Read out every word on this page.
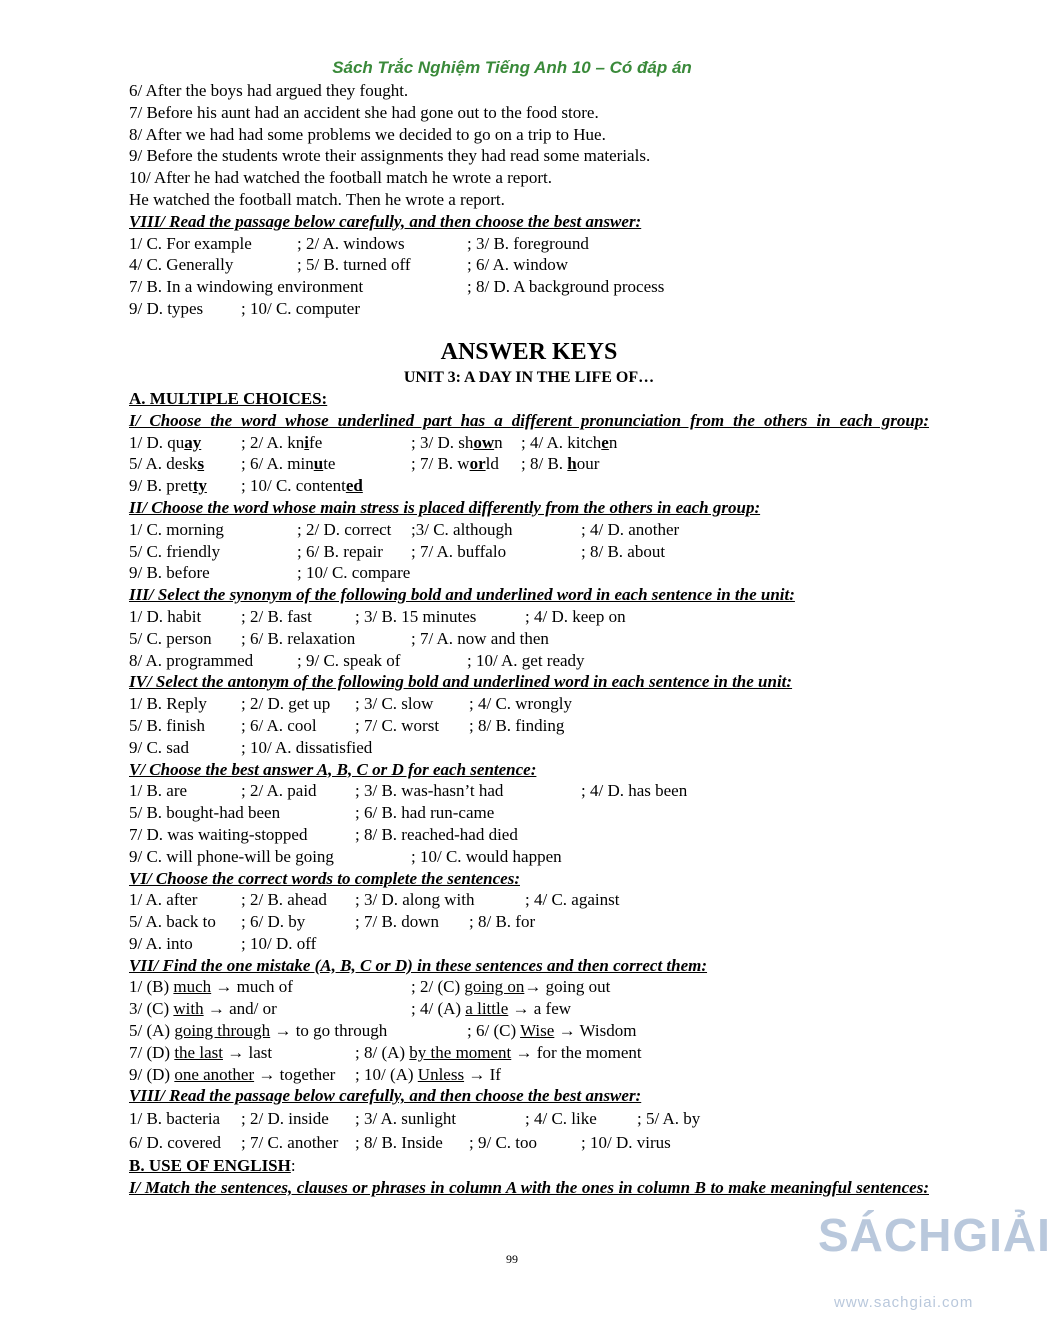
Sách Trắc Nghiệm Tiếng Anh 10 – Có đáp án
6/ After the boys had argued they fought.
7/ Before his aunt had an accident she had gone out to the food store.
8/ After we had had some problems we decided to go on a trip to Hue.
9/ Before the students wrote their assignments they had read some materials.
10/ After he had watched the football match he wrote a report.
He watched the football match. Then he wrote a report.
VIII/ Read the passage below carefully, and then choose the best answer:
1/ C. For example	; 2/ A. windows	; 3/ B. foreground
4/ C. Generally	; 5/ B. turned off	; 6/ A. window
7/ B. In a windowing environment	; 8/ D. A background process
9/ D. types ; 10/ C. computer
ANSWER KEYS
UNIT 3: A DAY IN THE LIFE OF…
A. MULTIPLE CHOICES:
I/ Choose the word whose underlined part has a different pronunciation from the others in each group:
1/ D. quay ; 2/ A. knife	; 3/ D. shown ; 4/ A. kitchen
5/ A. desks ; 6/ A. minute	; 7/ B. world ; 8/ B. hour
9/ B. pretty ; 10/ C. contented
II/ Choose the word whose main stress is placed differently from the others in each group:
1/ C. morning	; 2/ D. correct ;3/ C. although	; 4/ D. another
5/ C. friendly	; 6/ B. repair ; 7/ A. buffalo	; 8/ B. about
9/ B. before	; 10/ C. compare
III/ Select the synonym of the following bold and underlined word in each sentence in the unit:
1/ D. habit ; 2/ B. fast	; 3/ B. 15 minutes	; 4/ D. keep on
5/ C. person ; 6/ B. relaxation	; 7/ A. now and then
8/ A. programmed	; 9/ C. speak of	; 10/ A. get ready
IV/ Select the antonym of the following bold and underlined word in each sentence in the unit:
1/ B. Reply ; 2/ D. get up ; 3/ C. slow ; 4/ C. wrongly
5/ B. finish ; 6/ A. cool ; 7/ C. worst ; 8/ B. finding
9/ C. sad	; 10/ A. dissatisfied
V/ Choose the best answer A, B, C or D for each sentence:
1/ B. are	; 2/ A. paid ; 3/ B. was-hasn’t had	; 4/ D. has been
5/ B. bought-had been	; 6/ B. had run-came
7/ D. was waiting-stopped	; 8/ B. reached-had died
9/ C. will phone-will be going	; 10/ C. would happen
VI/ Choose the correct words to complete the sentences:
1/ A. after	; 2/ B. ahead ; 3/ D. along with	; 4/ C. against
5/ A. back to ; 6/ D. by	; 7/ B. down ; 8/ B. for
9/ A. into	; 10/ D. off
VII/ Find the one mistake (A, B, C or D) in these sentences and then correct them:
1/ (B) much → much of	; 2/ (C) going on→ going out
3/ (C) with → and/ or	; 4/ (A) a little → a few
5/ (A) going through → to go through	; 6/ (C) Wise → Wisdom
7/ (D) the last → last	; 8/ (A) by the moment → for the moment
9/ (D) one another → together ; 10/ (A) Unless → If
VIII/ Read the passage below carefully, and then choose the best answer:
1/ B. bacteria ; 2/ D. inside ; 3/ A. sunlight	; 4/ C. like ; 5/ A. by
6/ D. covered ; 7/ C. another ; 8/ B. Inside ; 9/ C. too	; 10/ D. virus
B. USE OF ENGLISH:
I/ Match the sentences, clauses or phrases in column A with the ones in column B to make meaningful sentences:
99	SÁCHGIẢI
www.sachgiai.com
